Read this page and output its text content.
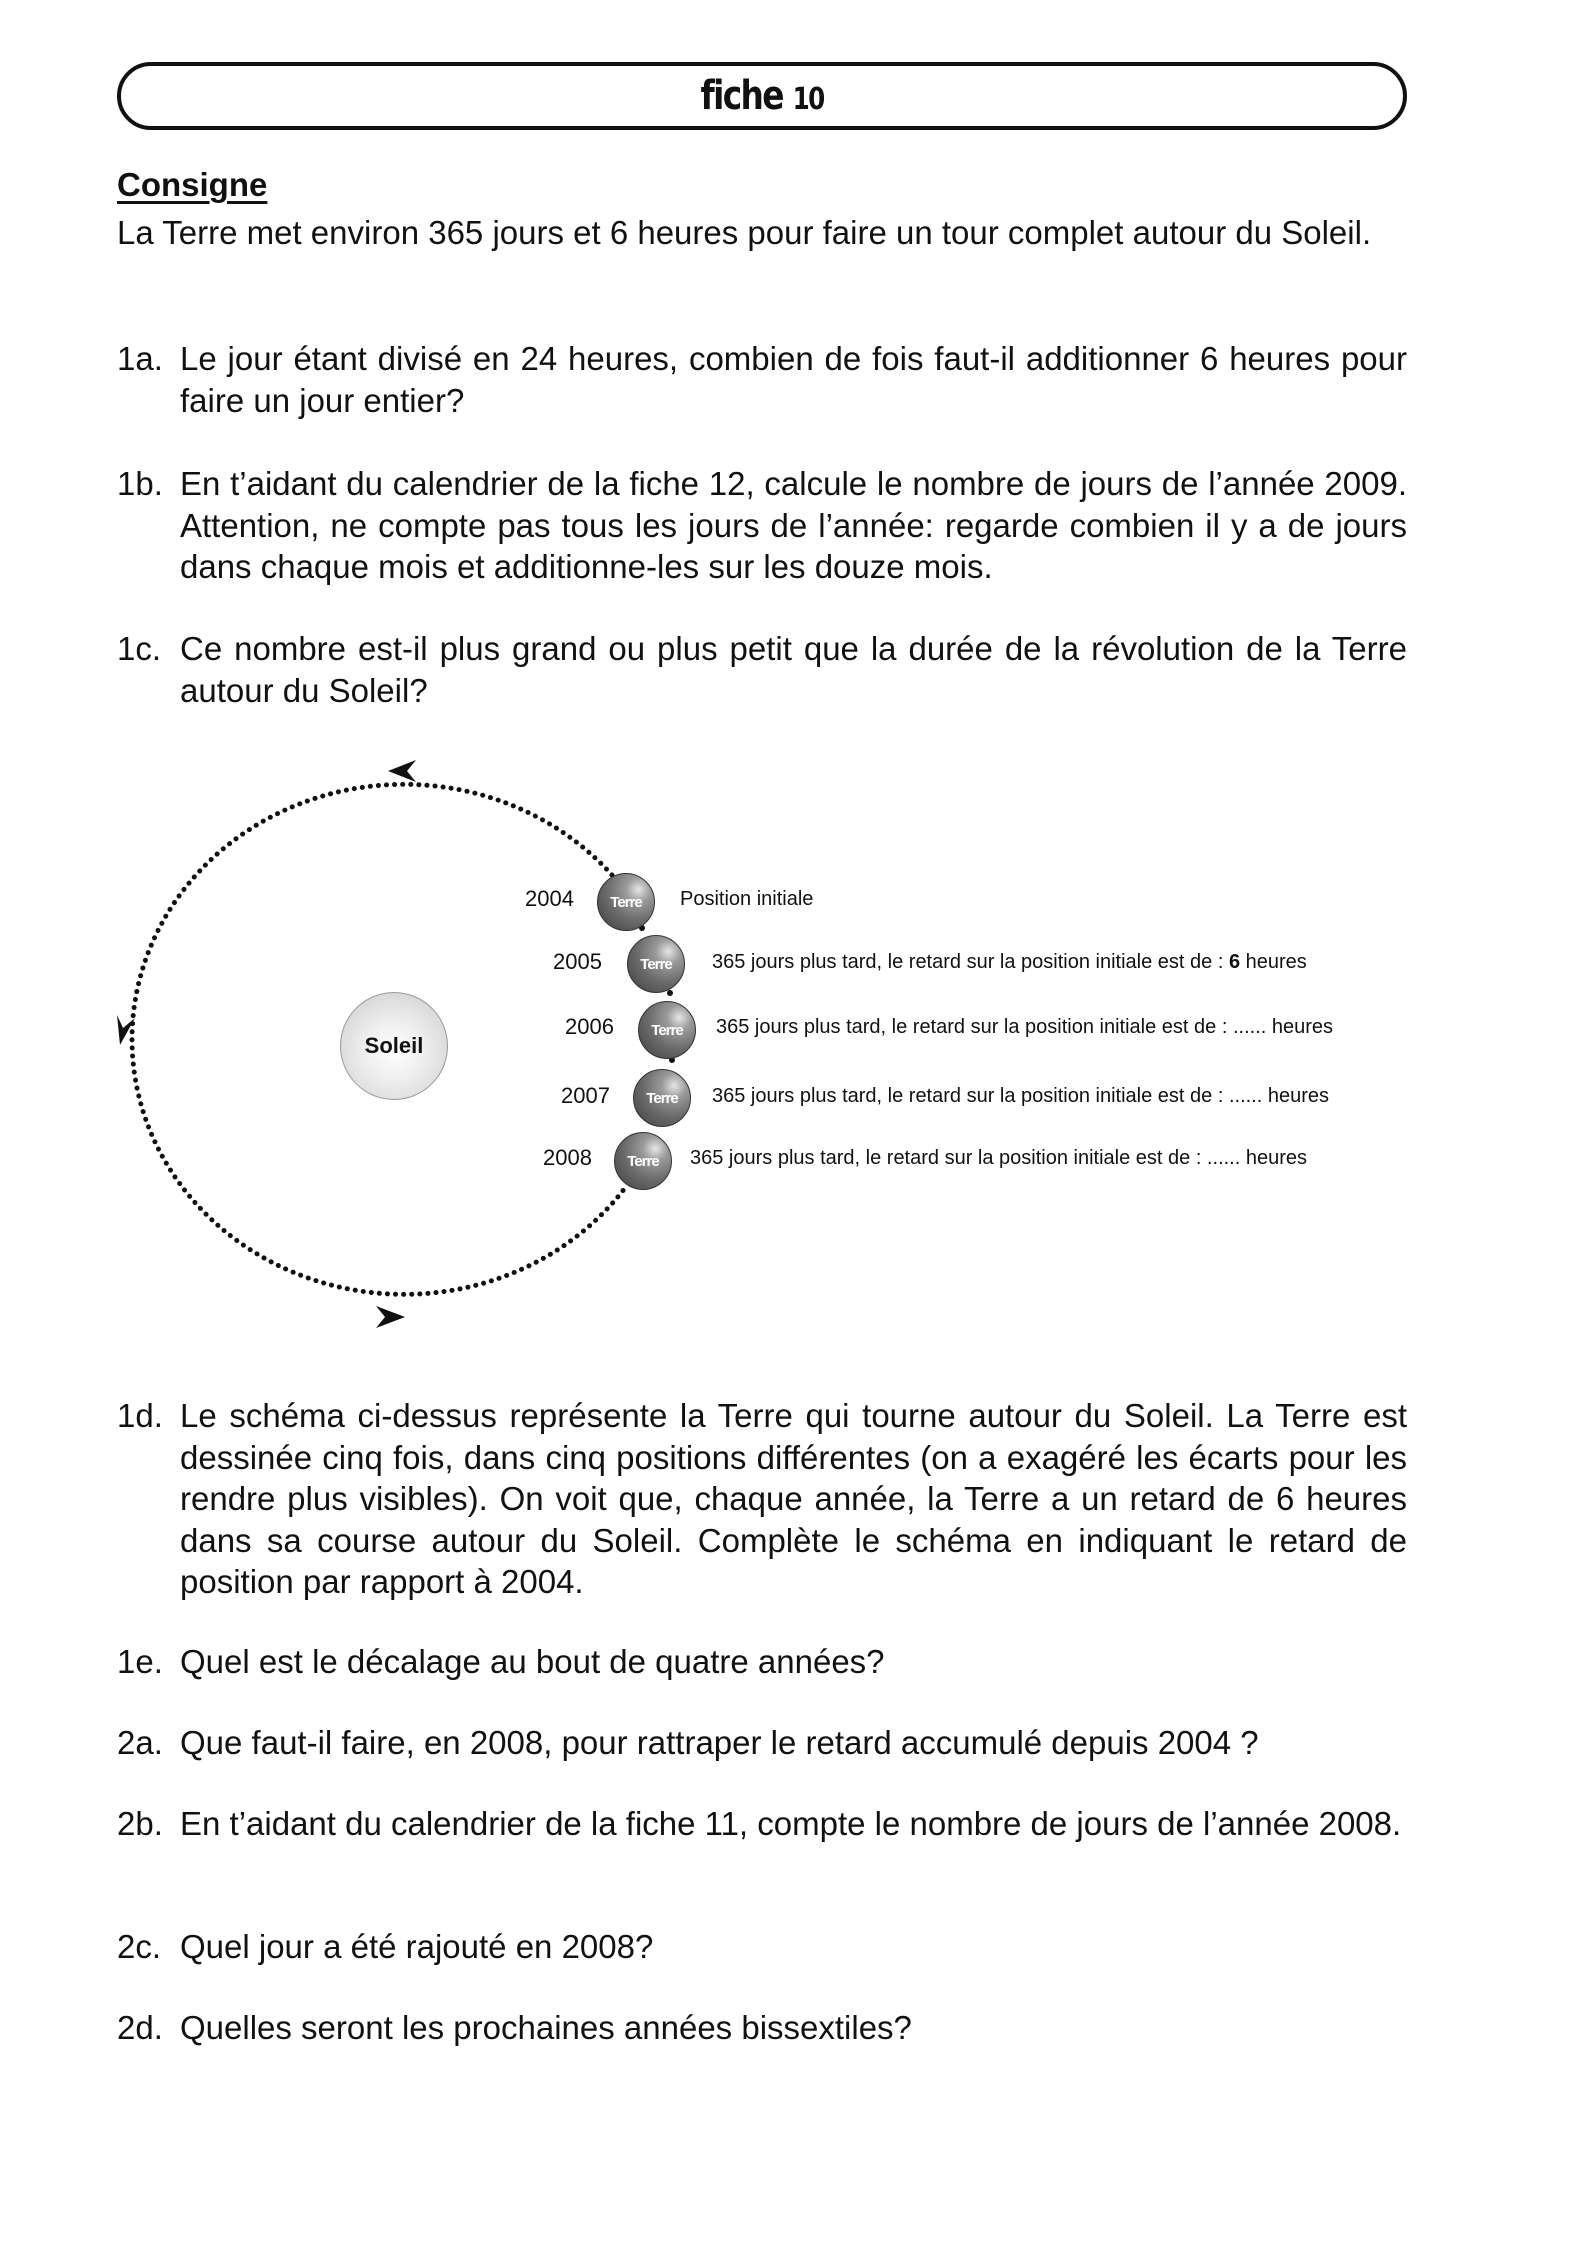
fiche 10
Consigne
La Terre met environ 365 jours et 6 heures pour faire un tour complet autour du Soleil.
1a. Le jour étant divisé en 24 heures, combien de fois faut-il additionner 6 heures pour faire un jour entier?
1b. En t’aidant du calendrier de la fiche 12, calcule le nombre de jours de l’année 2009. Attention, ne compte pas tous les jours de l’année: regarde combien il y a de jours dans chaque mois et additionne-les sur les douze mois.
1c. Ce nombre est-il plus grand ou plus petit que la durée de la révolution de la Terre autour du Soleil?
Soleil
2004 Terre Position initiale
2005	Terre 365 jours plus tard, le retard sur la position initiale est de : 6 heures
2006 Terre 365 jours plus tard, le retard sur la position initiale est de : ...... heures
2007 Terre 365 jours plus tard, le retard sur la position initiale est de : ...... heures
2008 Terre 365 jours plus tard, le retard sur la position initiale est de : ...... heures
1d. Le schéma ci-dessus représente la Terre qui tourne autour du Soleil. La Terre est dessinée cinq fois, dans cinq positions différentes (on a exagéré les écarts pour les rendre plus visibles). On voit que, chaque année, la Terre a un retard de 6 heures dans sa course autour du Soleil. Complète le schéma en indiquant le retard de position par rapport à 2004.
1e. Quel est le décalage au bout de quatre années?
2a. Que faut-il faire, en 2008, pour rattraper le retard accumulé depuis 2004 ?
2b. En t’aidant du calendrier de la fiche 11, compte le nombre de jours de l’année 2008.
2c. Quel jour a été rajouté en 2008?
2d. Quelles seront les prochaines années bissextiles?
